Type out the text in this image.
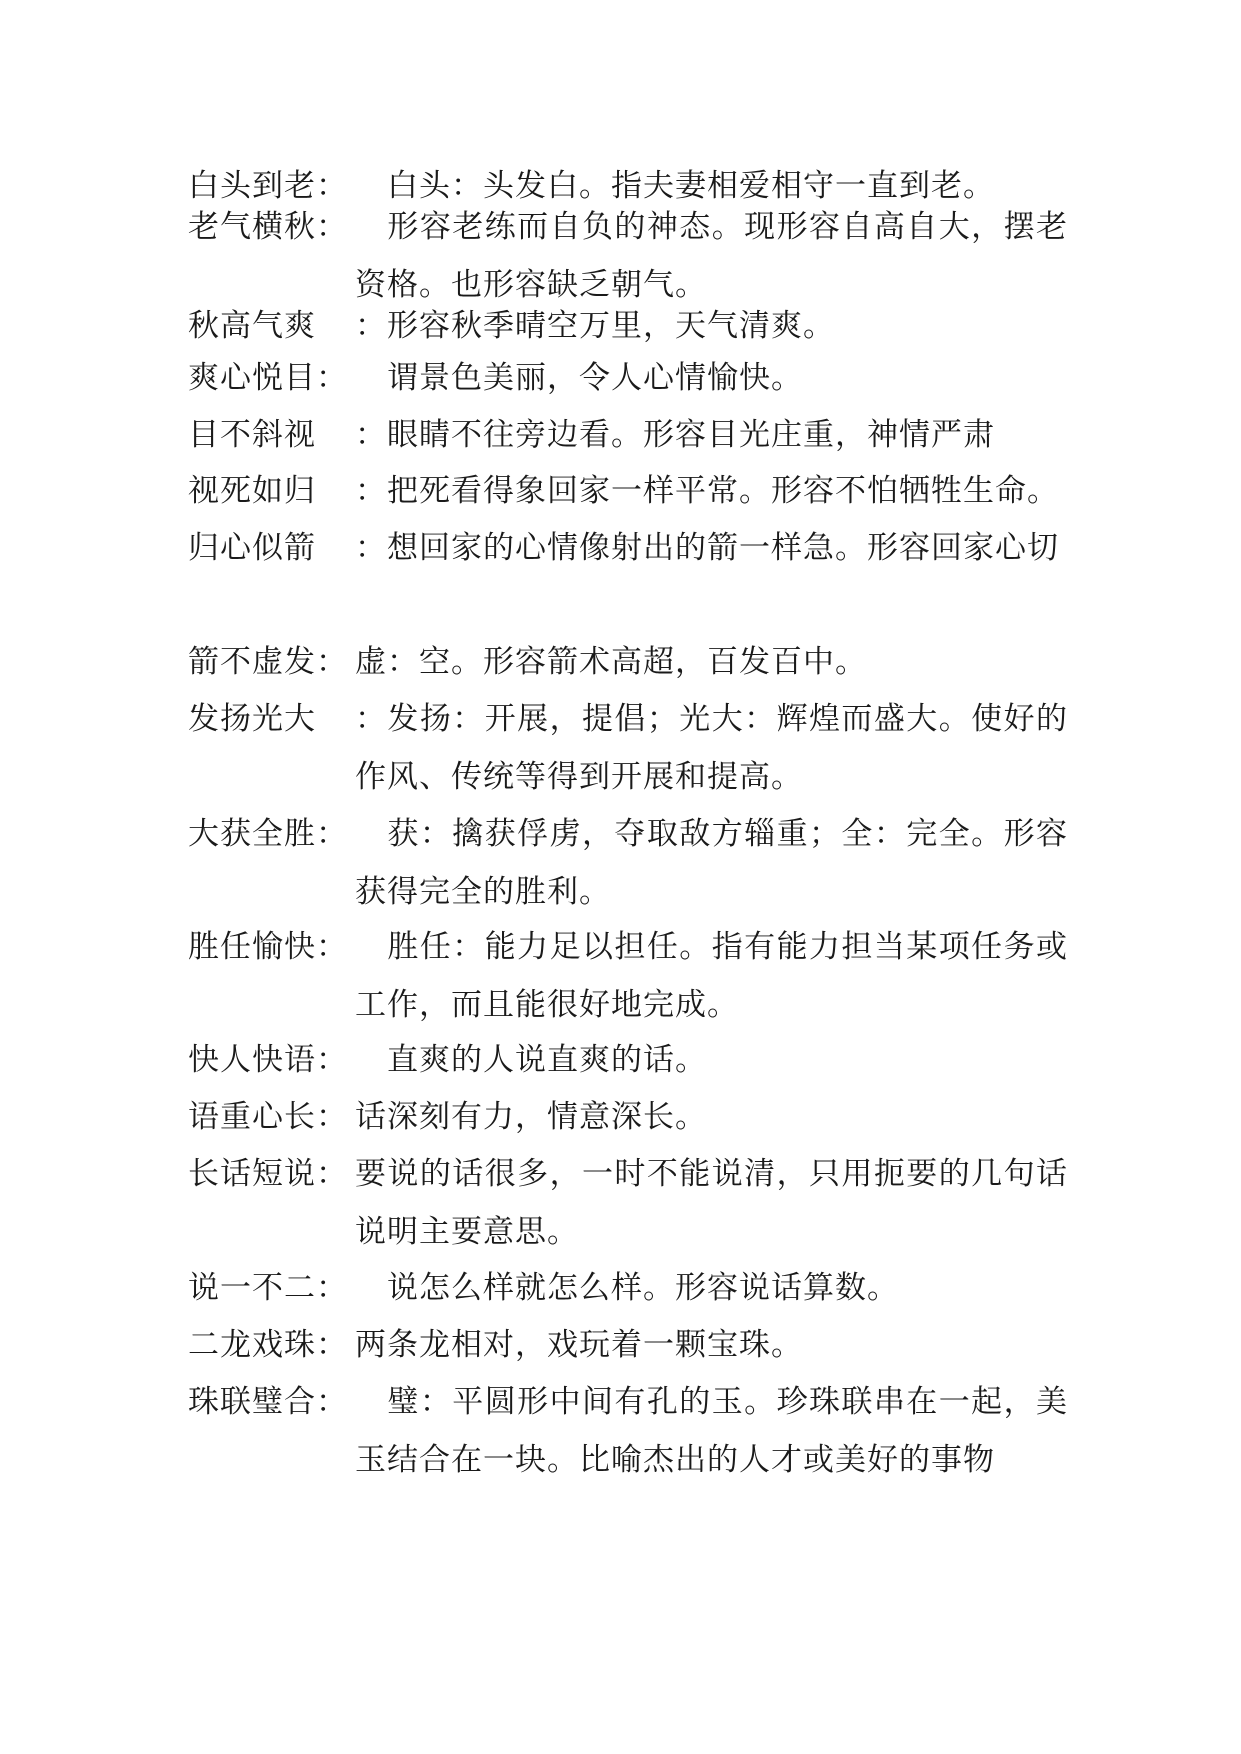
白头到老： 　白头：头发白。指夫妻相爱相守一直到老。
老气横秋： 　形容老练而自负的神态。现形容自高自大，摆老资格。也形容缺乏朝气。
秋高气爽 ：形容秋季晴空万里，天气清爽。
爽心悦目： 　谓景色美丽，令人心情愉快。
目不斜视 ：眼睛不往旁边看。形容目光庄重，神情严肃
视死如归 ：把死看得象回家一样平常。形容不怕牺牲生命。
归心似箭 ：想回家的心情像射出的箭一样急。形容回家心切
箭不虚发： 虚：空。形容箭术高超，百发百中。
发扬光大 ：发扬：开展，提倡；光大：辉煌而盛大。使好的作风、传统等得到开展和提高。
大获全胜： 　获：擒获俘虏，夺取敌方辎重；全：完全。形容获得完全的胜利。
胜任愉快： 　胜任：能力足以担任。指有能力担当某项任务或工作，而且能很好地完成。
快人快语： 　直爽的人说直爽的话。
语重心长： 话深刻有力，情意深长。
长话短说： 要说的话很多，一时不能说清，只用扼要的几句话说明主要意思。
说一不二： 　说怎么样就怎么样。形容说话算数。
二龙戏珠： 两条龙相对，戏玩着一颗宝珠。
珠联璧合： 　璧：平圆形中间有孔的玉。珍珠联串在一起，美玉结合在一块。比喻杰出的人才或美好的事物
